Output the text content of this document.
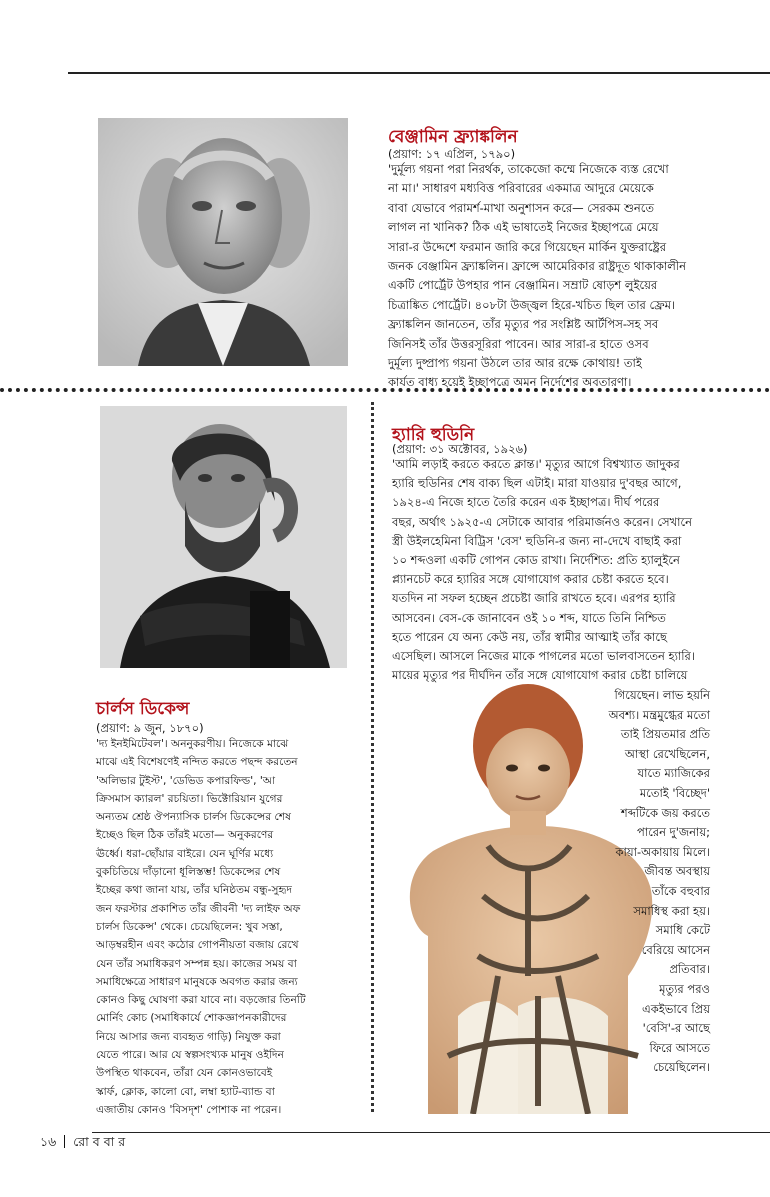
বেঞ্জামিন ফ্র্যাঙ্কলিন
(প্রয়াণ: ১৭ এপ্রিল, ১৭৯০)

'দুর্মূল্য গয়না পরা নিরর্থক, তাকেজো কম্মে নিজেকে ব্যস্ত রেখো
না মা।' সাধারণ মধ্যবিত্ত পরিবারের একমাত্র আদুরে মেয়েকে
বাবা যেভাবে পরামর্শ-মাখা অনুশাসন করে— সেরকম শুনতে
লাগল না খানিক? ঠিক এই ভাষাতেই নিজের ইচ্ছাপত্রে মেয়ে
সারা-র উদ্দেশে ফরমান জারি করে গিয়েছেন মার্কিন যুক্তরাষ্ট্রের
জনক বেঞ্জামিন ফ্র্যাঙ্কলিন। ফ্রান্সে আমেরিকার রাষ্ট্রদূত থাকাকালীন
একটি পোর্ট্রেট উপহার পান বেঞ্জামিন। সম্রাট ষোড়শ লুইয়ের
চিত্রাঙ্কিত পোর্ট্রেট। ৪০৮টা উজ্জ্বল হিরে-খচিত ছিল তার ফ্রেম।
ফ্র্যাঙ্কলিন জানতেন, তাঁর মৃত্যুর পর সংশ্লিষ্ট আর্টপিস-সহ সব
জিনিসই তাঁর উত্তরসূরিরা পাবেন। আর সারা-র হাতে ওসব
দুর্মূল্য দুষ্প্রাপ্য গয়না উঠলে তার আর রক্ষে কোথায়! তাই
কার্যত বাধ্য হয়েই ইচ্ছাপত্রে অমন নির্দেশের অবতারণা।

চার্লস ডিকেন্স
(প্রয়াণ: ৯ জুন, ১৮৭০)

'দ্য ইনইমিটেবল'। অননুকরণীয়। নিজেকে মাঝে
মাঝে এই বিশেষণেই নন্দিত করতে পছন্দ করতেন
'অলিভার টুইস্ট', 'ডেভিড কপারফিল্ড', 'আ
ক্রিসমাস ক্যারল' রচয়িতা। ভিক্টোরিয়ান যুগের
অন্যতম শ্রেষ্ঠ ঔপন্যাসিক চার্লস ডিকেন্সের শেষ
ইচ্ছেও ছিল ঠিক তাঁরই মতো— অনুকরণের
ঊর্ধ্বে। ধরা-ছোঁয়ার বাইরে। যেন ঘূর্ণির মধ্যে
বুকচিতিয়ে দাঁড়ানো ধূলিস্তম্ভ! ডিকেন্সের শেষ
ইচ্ছের কথা জানা যায়, তাঁর ঘনিষ্ঠতম বন্ধু-সুহৃদ
জন ফরস্টার প্রকাশিত তাঁর জীবনী 'দ্য লাইফ অফ
চার্লস ডিকেন্স' থেকে। চেয়েছিলেন: খুব সস্তা,
আড়ম্বরহীন এবং কঠোর গোপনীয়তা বজায় রেখে
যেন তাঁর সমাধিকরণ সম্পন্ন হয়। কাজের সময় বা
সমাধিক্ষেত্রে সাধারণ মানুষকে অবগত করার জন্য
কোনও কিছু ঘোষণা করা যাবে না। বড়জোর তিনটি
মোর্নিং কোচ (সমাধিকার্যে শোকজ্ঞাপনকারীদের
নিয়ে আসার জন্য ব্যবহৃত গাড়ি) নিযুক্ত করা
যেতে পারে। আর যে স্বল্পসংখ্যক মানুষ ওইদিন
উপস্থিত থাকবেন, তাঁরা যেন কোনওভাবেই
স্কার্ফ, ক্লোক, কালো বো, লম্বা হ্যাট-ব্যান্ড বা
এজাতীয় কোনও 'বিসদৃশ' পোশাক না পরেন।

হ্যারি হুডিনি
(প্রয়াণ: ৩১ অক্টোবর, ১৯২৬)

'আমি লড়াই করতে করতে ক্লান্ত।' মৃত্যুর আগে বিশ্বখ্যাত জাদুকর
হ্যারি হুডিনির শেষ বাক্য ছিল এটাই। মারা যাওয়ার দু'বছর আগে,
১৯২৪-এ নিজে হাতে তৈরি করেন এক ইচ্ছাপত্র। দীর্ঘ পরের
বছর, অর্থাৎ ১৯২৫-এ সেটাকে আবার পরিমার্জনও করেন। সেখানে
স্ত্রী উইলহেমিনা বিট্রিস 'বেস' হুডিনি-র জন্য না-দেখে বাছাই করা
১০ শব্দওলা একটি গোপন কোড রাখা। নির্দেশিত: প্রতি হ্যালুইনে
প্ল্যানচেট করে হ্যারির সঙ্গে যোগাযোগ করার চেষ্টা করতে হবে।
যতদিন না সফল হচ্ছেন প্রচেষ্টা জারি রাখতে হবে। এরপর হ্যারি
আসবেন। বেস-কে জানাবেন ওই ১০ শব্দ, যাতে তিনি নিশ্চিত
হতে পারেন যে অন্য কেউ নয়, তাঁর স্বামীর আত্মাই তাঁর কাছে
এসেছিল। আসলে নিজের মাকে পাগলের মতো ভালবাসতেন হ্যারি।
মায়ের মৃত্যুর পর দীর্ঘদিন তাঁর সঙ্গে যোগাযোগ করার চেষ্টা চালিয়ে

গিয়েছেন। লাভ হয়নি
অবশ্য। মন্ত্রমুগ্ধের মতো
তাই প্রিয়তমার প্রতি
আস্থা রেখেছিলেন,
যাতে ম্যাজিকের
মতোই 'বিচ্ছেদ'
শব্দটিকে জয় করতে
পারেন দু'জনায়;
কায়া-অকায়ায় মিলে।
জীবন্ত অবস্থায়
তাঁকে বহুবার
সমাধিস্থ করা হয়।
সমাধি কেটে
বেরিয়ে আসেন
প্রতিবার।
মৃত্যুর পরও
একইভাবে প্রিয়
'বেসি'-র আছে
ফিরে আসতে
চেয়েছিলেন।

১৬ রো ব বা র
